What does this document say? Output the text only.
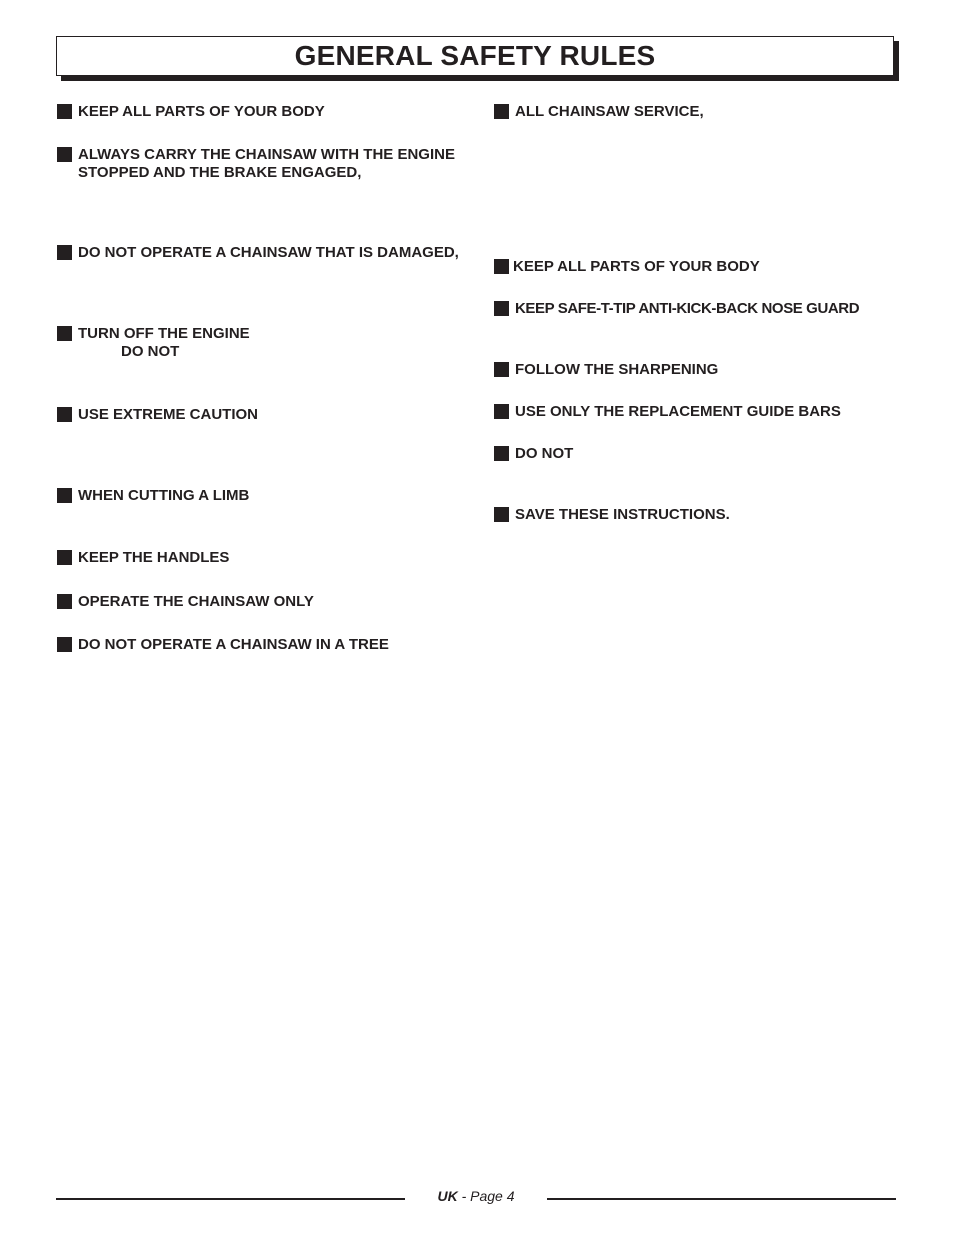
GENERAL SAFETY RULES
KEEP ALL PARTS OF YOUR BODY
ALWAYS CARRY THE CHAINSAW WITH THE ENGINE
STOPPED AND THE BRAKE ENGAGED,
DO NOT OPERATE A CHAINSAW THAT IS DAMAGED,
TURN OFF THE ENGINE
DO NOT
USE EXTREME CAUTION
WHEN CUTTING A LIMB
KEEP THE HANDLES
OPERATE THE CHAINSAW ONLY
DO NOT OPERATE A CHAINSAW IN A TREE
ALL CHAINSAW SERVICE,
KEEP ALL PARTS OF YOUR BODY
KEEP SAFE-T-TIP ANTI-KICK-BACK NOSE GUARD
FOLLOW THE SHARPENING
USE ONLY THE REPLACEMENT GUIDE BARS
DO NOT
SAVE THESE INSTRUCTIONS.
UK - Page 4
